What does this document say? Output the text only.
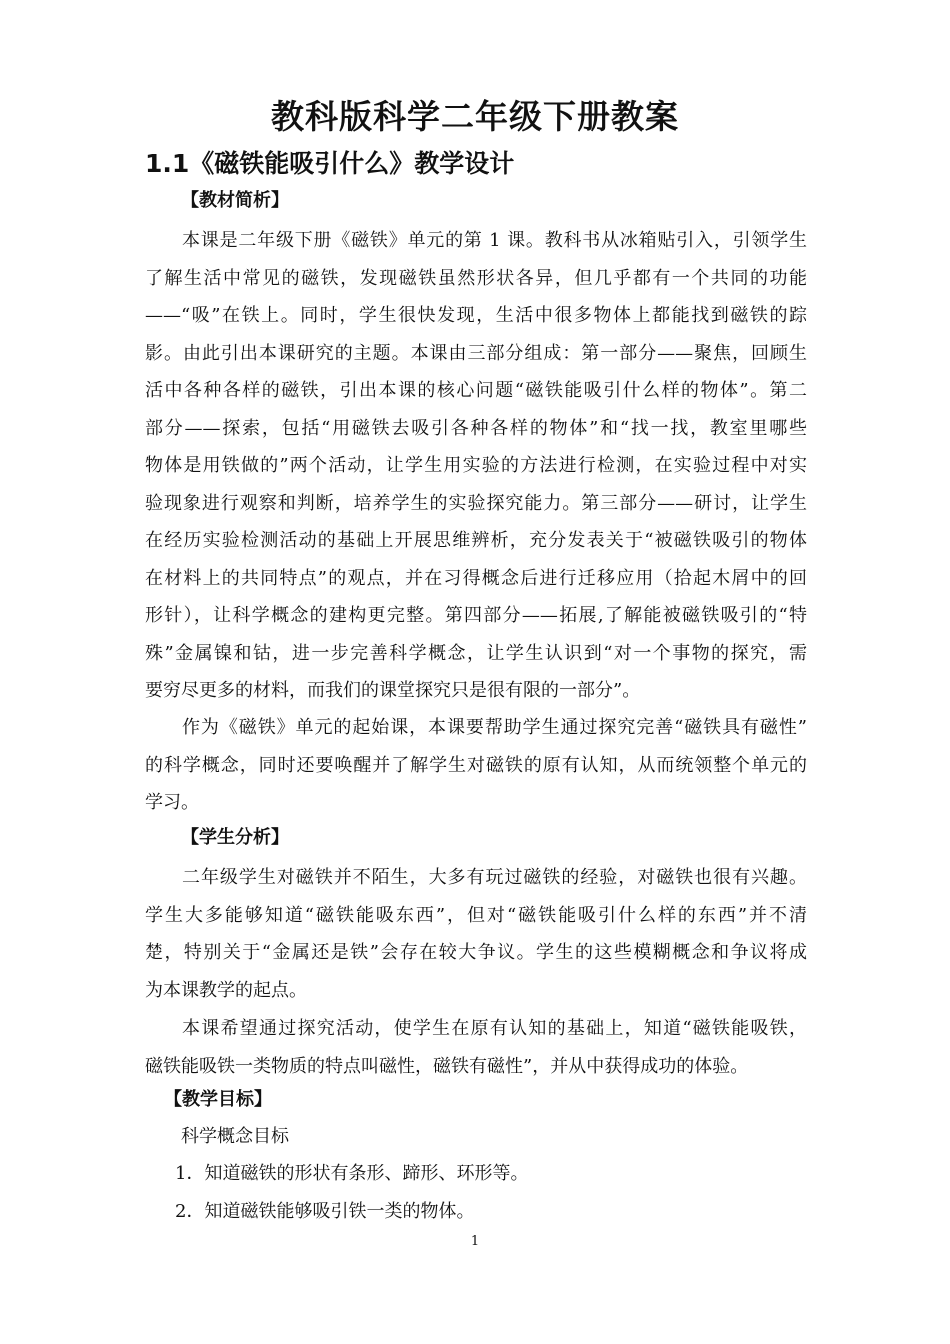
教科版科学二年级下册教案
1.1《磁铁能吸引什么》教学设计
【教材简析】
本课是二年级下册《磁铁》单元的第 1 课。教科书从冰箱贴引入，引领学生
了解生活中常见的磁铁，发现磁铁虽然形状各异，但几乎都有一个共同的功能
——“吸”在铁上。同时，学生很快发现，生活中很多物体上都能找到磁铁的踪
影。由此引出本课研究的主题。本课由三部分组成：第一部分——聚焦，回顾生
活中各种各样的磁铁，引出本课的核心问题“磁铁能吸引什么样的物体”。第二
部分——探索，包括“用磁铁去吸引各种各样的物体”和“找一找，教室里哪些
物体是用铁做的”两个活动，让学生用实验的方法进行检测，在实验过程中对实
验现象进行观察和判断，培养学生的实验探究能力。第三部分——研讨，让学生
在经历实验检测活动的基础上开展思维辨析，充分发表关于“被磁铁吸引的物体
在材料上的共同特点”的观点，并在习得概念后进行迁移应用（拾起木屑中的回
形针），让科学概念的建构更完整。第四部分——拓展,了解能被磁铁吸引的“特
殊”金属镍和钴，进一步完善科学概念，让学生认识到“对一个事物的探究，需
要穷尽更多的材料，而我们的课堂探究只是很有限的一部分”。
作为《磁铁》单元的起始课，本课要帮助学生通过探究完善“磁铁具有磁性”
的科学概念，同时还要唤醒并了解学生对磁铁的原有认知，从而统领整个单元的
学习。
【学生分析】
二年级学生对磁铁并不陌生，大多有玩过磁铁的经验，对磁铁也很有兴趣。
学生大多能够知道“磁铁能吸东西”，但对“磁铁能吸引什么样的东西”并不清
楚，特别关于“金属还是铁”会存在较大争议。学生的这些模糊概念和争议将成
为本课教学的起点。
本课希望通过探究活动，使学生在原有认知的基础上，知道“磁铁能吸铁，
磁铁能吸铁一类物质的特点叫磁性，磁铁有磁性”，并从中获得成功的体验。
【教学目标】

科学概念目标

1．知道磁铁的形状有条形、蹄形、环形等。

2．知道磁铁能够吸引铁一类的物体。

1
